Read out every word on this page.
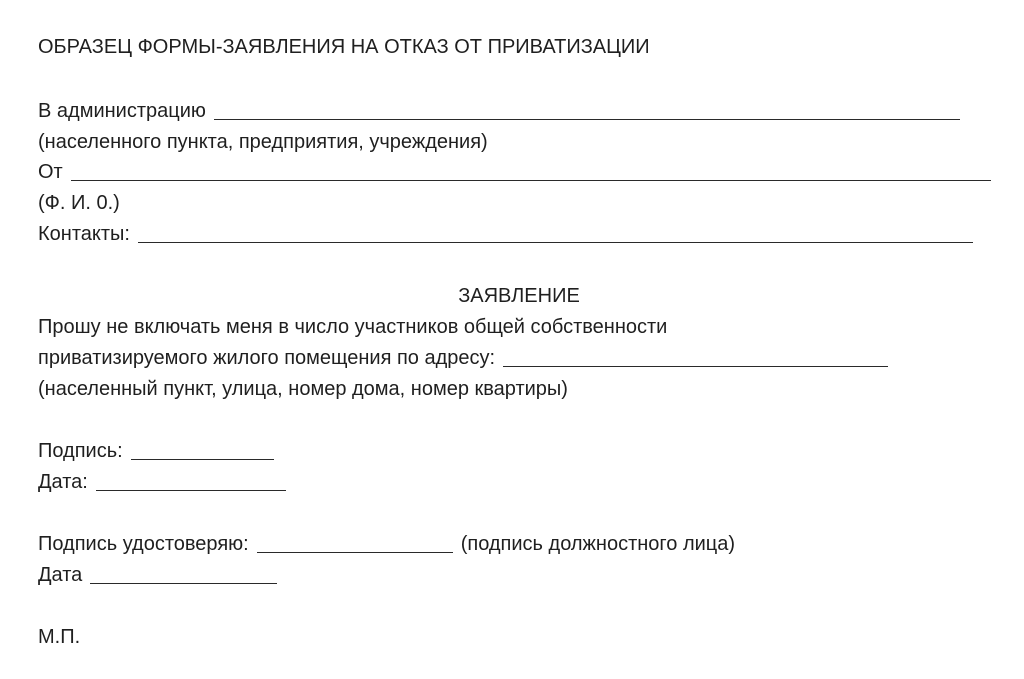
ОБРАЗЕЦ ФОРМЫ-ЗАЯВЛЕНИЯ НА ОТКАЗ ОТ ПРИВАТИЗАЦИИ
В администрацию
(населенного пункта, предприятия, учреждения)
От
(Ф. И. 0.)
Контакты:
ЗАЯВЛЕНИЕ
Прошу не включать меня в число участников общей собственности
приватизируемого жилого помещения по адресу:
(населенный пункт, улица, номер дома, номер квартиры)
Подпись:
Дата:
Подпись удостоверяю:	(подпись должностного лица)
Дата
М.П.
